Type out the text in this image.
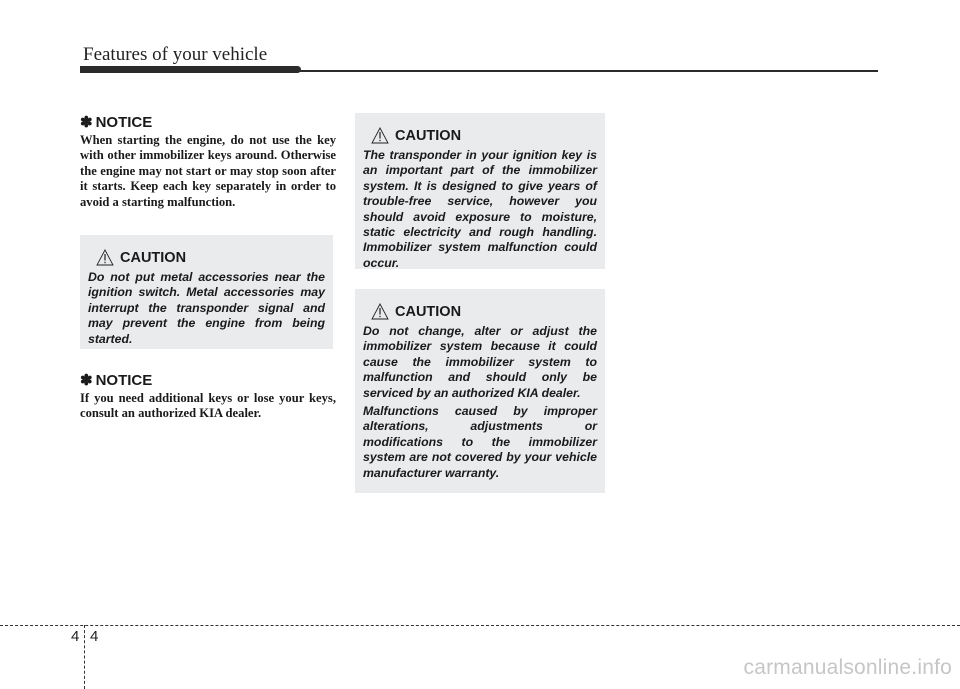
Features of your vehicle
✽ NOTICE

When starting the engine, do not use the key with other immobilizer keys around. Otherwise the engine may not start or may stop soon after it starts. Keep each key separately in order to avoid a starting malfunction.

CAUTION

Do not put metal accessories near the ignition switch. Metal accessories may interrupt the transponder signal and may prevent the engine from being started.

✽ NOTICE

If you need additional keys or lose your keys, consult an authorized KIA dealer.

CAUTION

The transponder in your ignition key is an important part of the immobilizer system. It is designed to give years of trouble-free service, however you should avoid exposure to moisture, static electricity and rough handling. Immobilizer system malfunction could occur.

CAUTION

Do not change, alter or adjust the immobilizer system because it could cause the immobilizer system to malfunction and should only be serviced by an authorized KIA dealer.

Malfunctions caused by improper alterations, adjustments or modifications to the immobilizer system are not covered by your vehicle manufacturer warranty.

4 4
carmanualsonline.info
